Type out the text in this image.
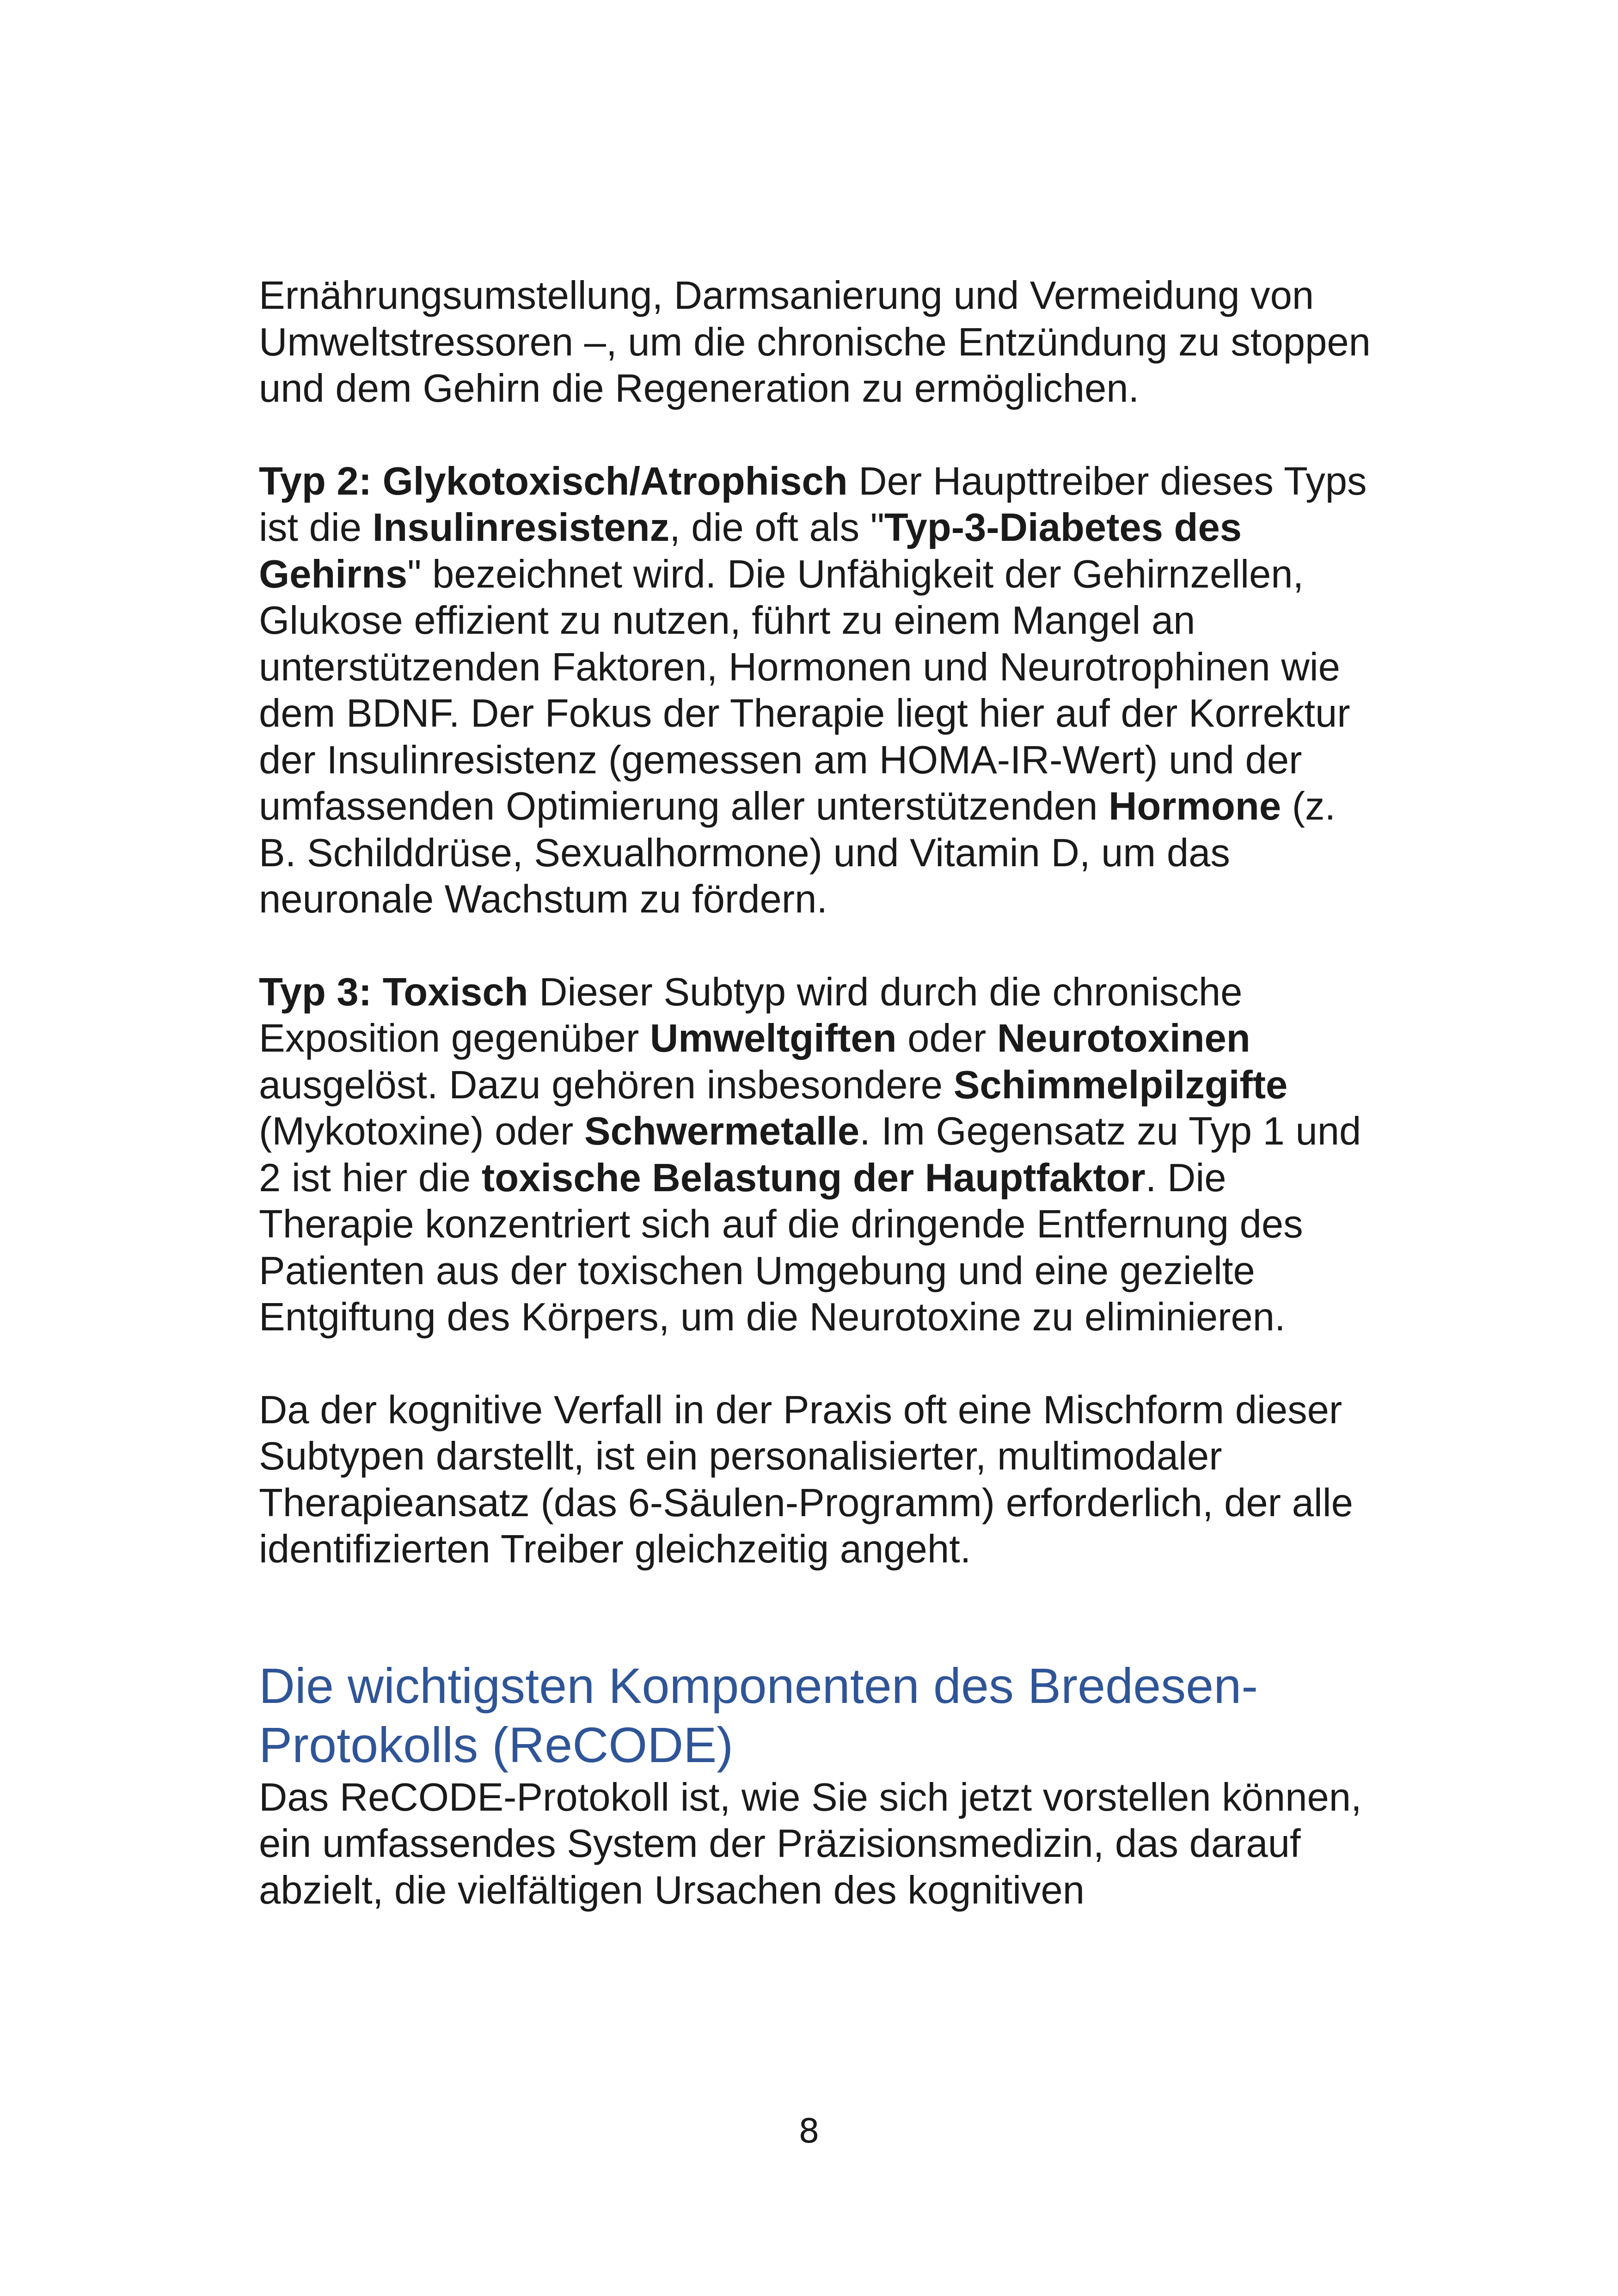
Ernährungsumstellung, Darmsanierung und Vermeidung von Umweltstressoren –, um die chronische Entzündung zu stoppen und dem Gehirn die Regeneration zu ermöglichen.

Typ 2: Glykotoxisch/Atrophisch Der Haupttreiber dieses Typs ist die Insulinresistenz, die oft als "Typ-3-Diabetes des Gehirns" bezeichnet wird. Die Unfähigkeit der Gehirnzellen, Glukose effizient zu nutzen, führt zu einem Mangel an unterstützenden Faktoren, Hormonen und Neurotrophinen wie dem BDNF. Der Fokus der Therapie liegt hier auf der Korrektur der Insulinresistenz (gemessen am HOMA-IR-Wert) und der umfassenden Optimierung aller unterstützenden Hormone (z. B. Schilddrüse, Sexualhormone) und Vitamin D, um das neuronale Wachstum zu fördern.

Typ 3: Toxisch Dieser Subtyp wird durch die chronische Exposition gegenüber Umweltgiften oder Neurotoxinen ausgelöst. Dazu gehören insbesondere Schimmelpilzgifte (Mykotoxine) oder Schwermetalle. Im Gegensatz zu Typ 1 und 2 ist hier die toxische Belastung der Hauptfaktor. Die Therapie konzentriert sich auf die dringende Entfernung des Patienten aus der toxischen Umgebung und eine gezielte Entgiftung des Körpers, um die Neurotoxine zu eliminieren.

Da der kognitive Verfall in der Praxis oft eine Mischform dieser Subtypen darstellt, ist ein personalisierter, multimodaler Therapieansatz (das 6-Säulen-Programm) erforderlich, der alle identifizierten Treiber gleichzeitig angeht.

Die wichtigsten Komponenten des Bredesen-Protokolls (ReCODE)

Das ReCODE-Protokoll ist, wie Sie sich jetzt vorstellen können, ein umfassendes System der Präzisionsmedizin, das darauf abzielt, die vielfältigen Ursachen des kognitiven

8
